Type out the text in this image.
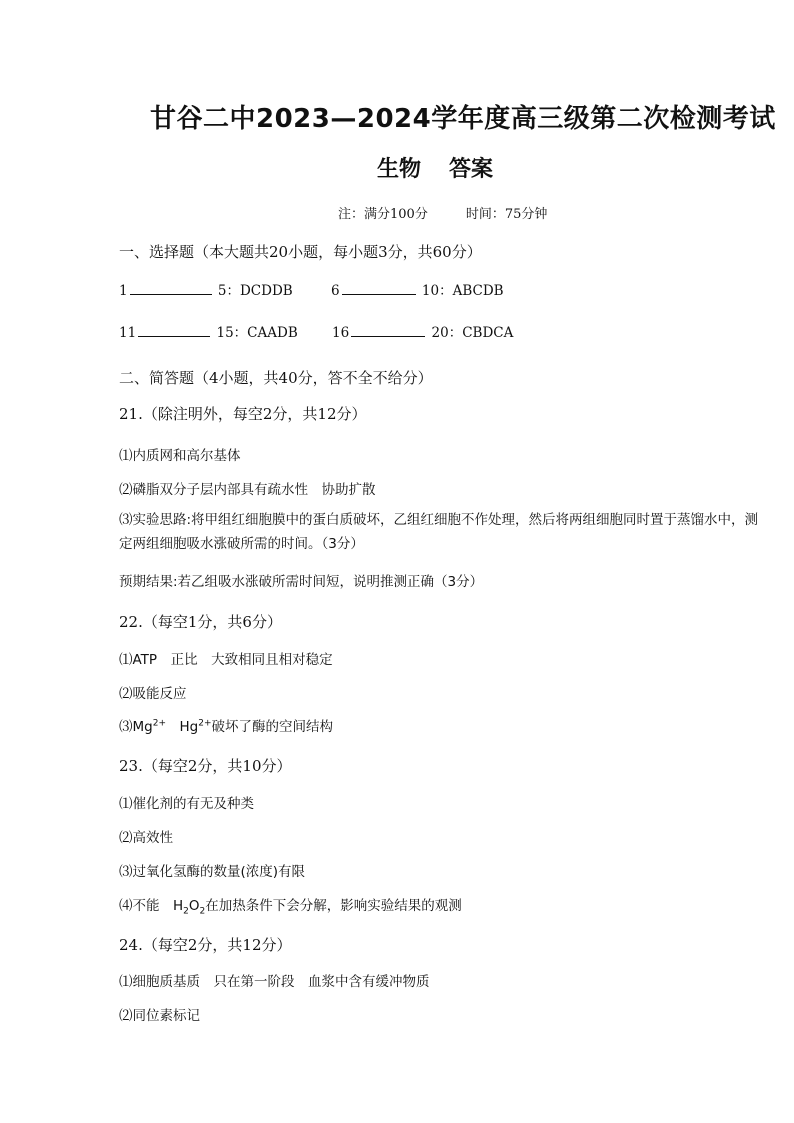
甘谷二中2023—2024学年度高三级第二次检测考试
生物 答案
注：满分100分	时间：75分钟
一、选择题（本大题共20小题，每小题3分，共60分）
1	5：DCDDB	6	10：ABCDB
11	15：CAADB	16	20：CBDCA
二、简答题（4小题，共40分，答不全不给分）
21.（除注明外，每空2分，共12分）
⑴内质网和高尔基体
⑵磷脂双分子层内部具有疏水性　协助扩散
⑶实验思路:将甲组红细胞膜中的蛋白质破坏，乙组红细胞不作处理，然后将两组细胞同时置于蒸馏水中，测定两组细胞吸水涨破所需的时间。（3分）
预期结果:若乙组吸水涨破所需时间短，说明推测正确（3分）
22.（每空1分，共6分）
⑴ATP　正比　大致相同且相对稳定
⑵吸能反应
$⑶Mg^{2+}$　$Hg^{2+}$破坏了酶的空间结构
23.（每空2分，共10分）
⑴催化剂的有无及种类
⑵高效性
⑶过氧化氢酶的数量(浓度)有限
⑷不能　$H_2O_2$在加热条件下会分解，影响实验结果的观测
24.（每空2分，共12分）
⑴细胞质基质　只在第一阶段　血浆中含有缓冲物质
⑵同位素标记
